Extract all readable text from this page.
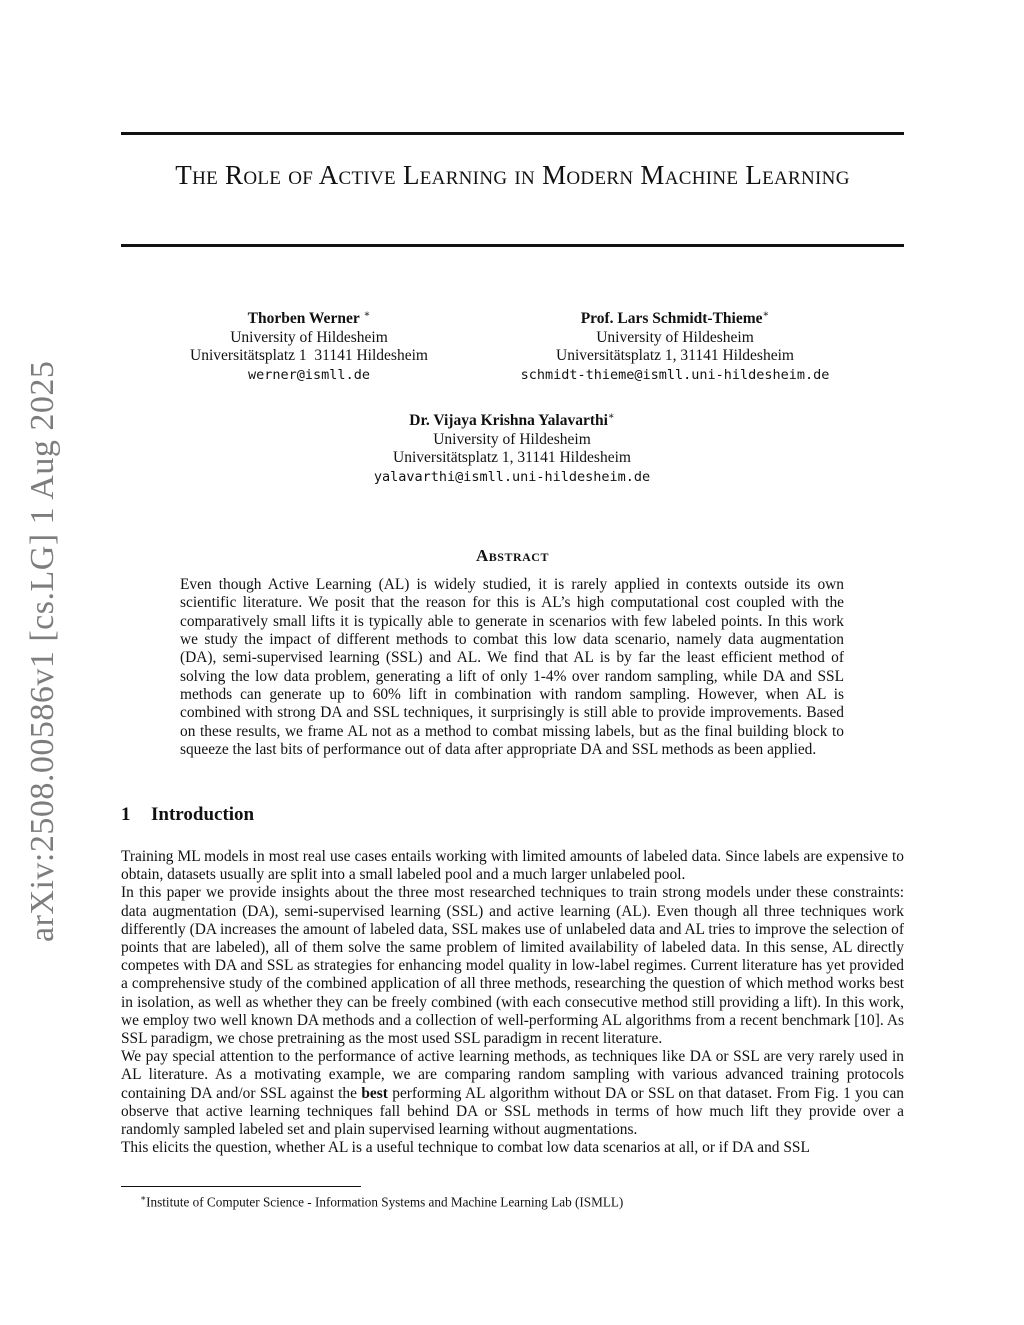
arXiv:2508.00586v1 [cs.LG] 1 Aug 2025
The Role of Active Learning in Modern Machine Learning
Thorben Werner ∗
University of Hildesheim
Universitätsplatz 1  31141 Hildesheim
werner@ismll.de
Prof. Lars Schmidt-Thieme∗
University of Hildesheim
Universitätsplatz 1, 31141 Hildesheim
schmidt-thieme@ismll.uni-hildesheim.de
Dr. Vijaya Krishna Yalavarthi∗
University of Hildesheim
Universitätsplatz 1, 31141 Hildesheim
yalavarthi@ismll.uni-hildesheim.de
Abstract
Even though Active Learning (AL) is widely studied, it is rarely applied in contexts outside its own scientific literature. We posit that the reason for this is AL’s high computational cost coupled with the comparatively small lifts it is typically able to generate in scenarios with few labeled points. In this work we study the impact of different methods to combat this low data scenario, namely data augmentation (DA), semi-supervised learning (SSL) and AL. We find that AL is by far the least efficient method of solving the low data problem, generating a lift of only 1-4% over random sampling, while DA and SSL methods can generate up to 60% lift in combination with random sampling. However, when AL is combined with strong DA and SSL techniques, it surprisingly is still able to provide improvements. Based on these results, we frame AL not as a method to combat missing labels, but as the final building block to squeeze the last bits of performance out of data after appropriate DA and SSL methods as been applied.
1 Introduction

Training ML models in most real use cases entails working with limited amounts of labeled data. Since labels are expensive to obtain, datasets usually are split into a small labeled pool and a much larger unlabeled pool.

In this paper we provide insights about the three most researched techniques to train strong models under these constraints: data augmentation (DA), semi-supervised learning (SSL) and active learning (AL). Even though all three techniques work differently (DA increases the amount of labeled data, SSL makes use of unlabeled data and AL tries to improve the selection of points that are labeled), all of them solve the same problem of limited availability of labeled data. In this sense, AL directly competes with DA and SSL as strategies for enhancing model quality in low-label regimes. Current literature has yet provided a comprehensive study of the combined application of all three methods, researching the question of which method works best in isolation, as well as whether they can be freely combined (with each consecutive method still providing a lift). In this work, we employ two well known DA methods and a collection of well-performing AL algorithms from a recent benchmark [10]. As SSL paradigm, we chose pretraining as the most used SSL paradigm in recent literature.

We pay special attention to the performance of active learning methods, as techniques like DA or SSL are very rarely used in AL literature. As a motivating example, we are comparing random sampling with various advanced training protocols containing DA and/or SSL against the best performing AL algorithm without DA or SSL on that dataset. From Fig. 1 you can observe that active learning techniques fall behind DA or SSL methods in terms of how much lift they provide over a randomly sampled labeled set and plain supervised learning without augmentations.

This elicits the question, whether AL is a useful technique to combat low data scenarios at all, or if DA and SSL

∗Institute of Computer Science - Information Systems and Machine Learning Lab (ISMLL)
